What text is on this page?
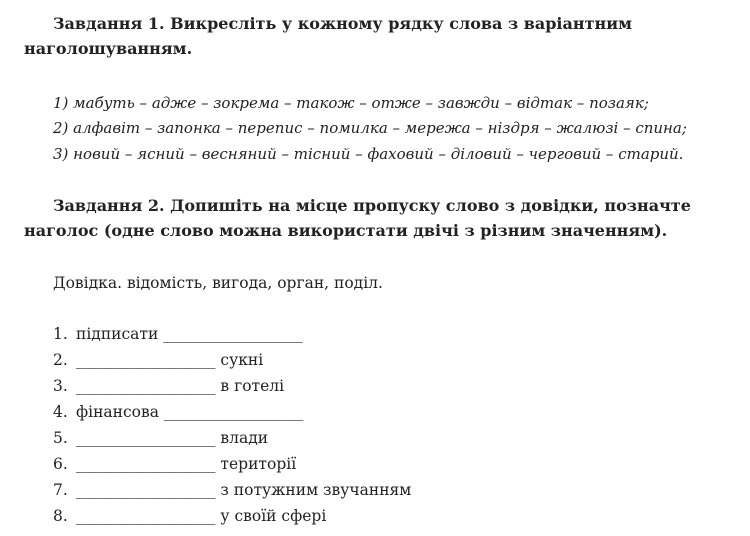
Завдання 1. Викресліть у кожному рядку слова з варіантним наголошуванням.

1) мабуть – адже – зокрема – також – отже – завжди – відтак – позаяк;

2) алфавіт – запонка – перепис – помилка – мережа – ніздря – жалюзі – спина;

3) новий – ясний – весняний – тісний – фаховий – діловий – черговий – старий.

Завдання 2. Допишіть на місце пропуску слово з довідки, позначте наголос (одне слово можна використати двічі з різним значенням).

Довідка. відомість, вигода, орган, поділ.

1. підписати __________________

2. __________________ сукні

3. __________________ в готелі

4. фінансова __________________

5. __________________ влади

6. __________________ території

7. __________________ з потужним звучанням

8. __________________ у своїй сфері
